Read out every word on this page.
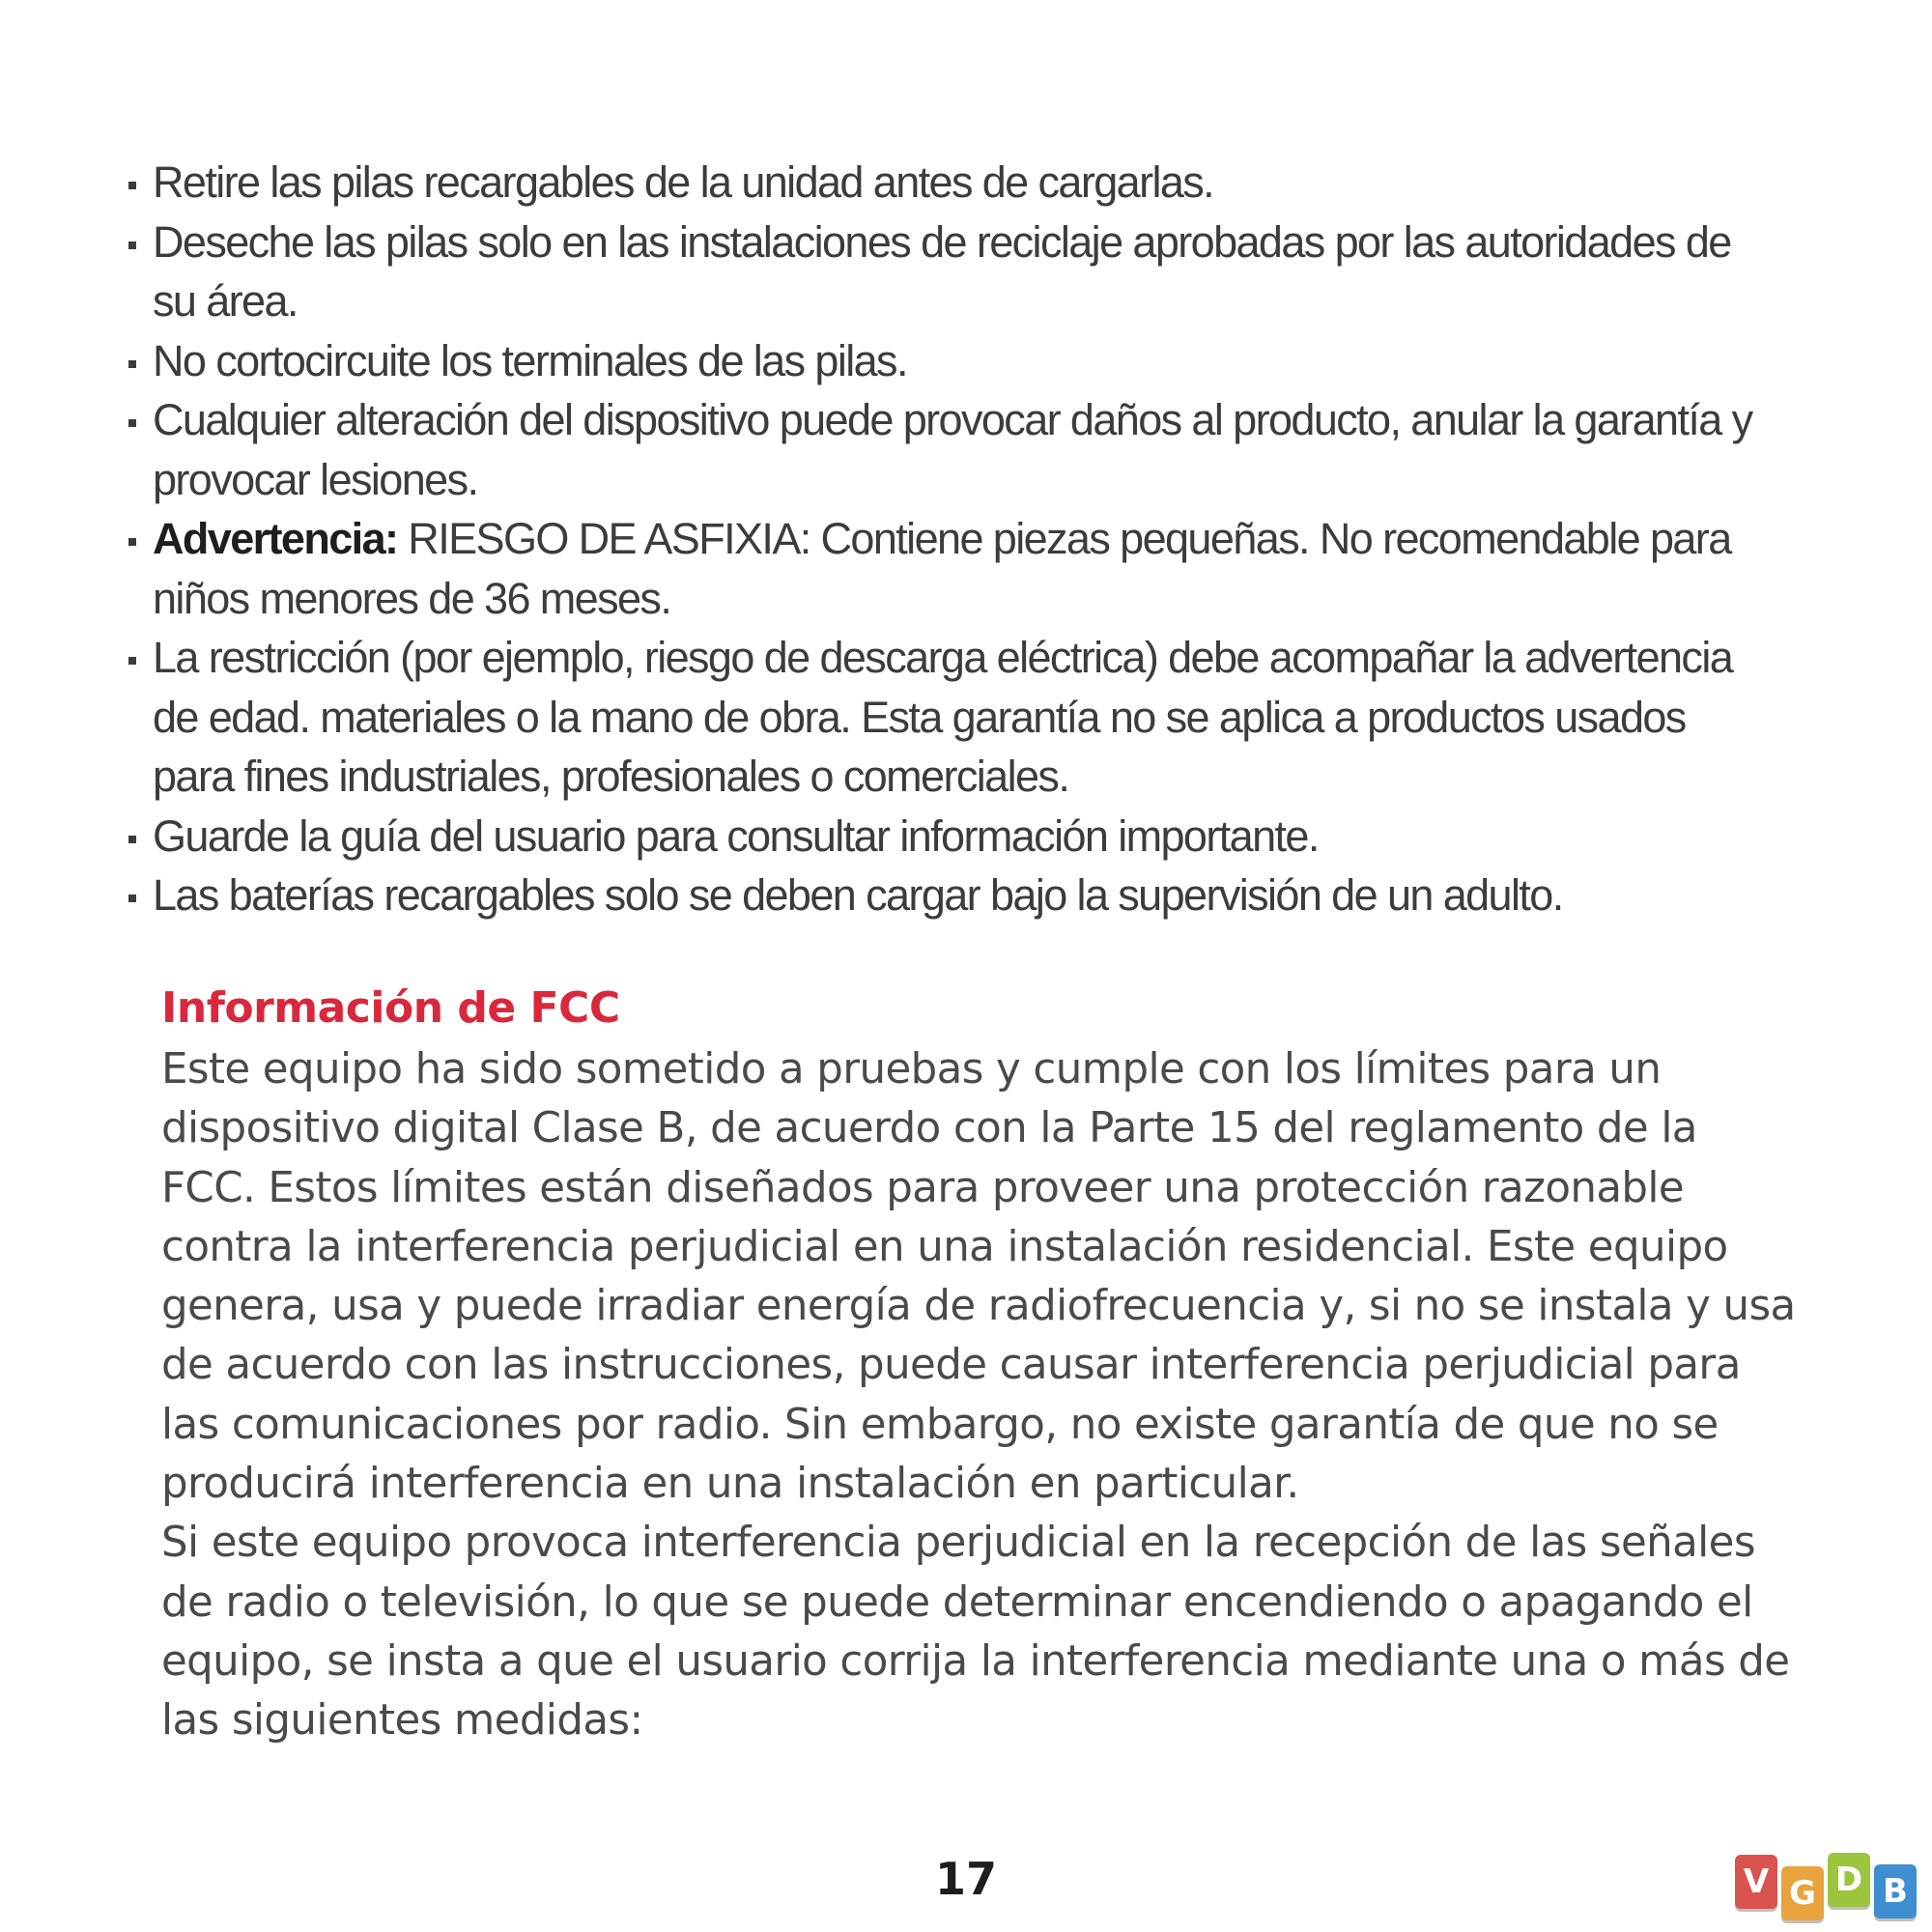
Retire las pilas recargables de la unidad antes de cargarlas.
Deseche las pilas solo en las instalaciones de reciclaje aprobadas por las autoridades de su área.
No cortocircuite los terminales de las pilas.
Cualquier alteración del dispositivo puede provocar daños al producto, anular la garantía y provocar lesiones.
Advertencia: RIESGO DE ASFIXIA: Contiene piezas pequeñas. No recomendable para niños menores de 36 meses.
La restricción (por ejemplo, riesgo de descarga eléctrica) debe acompañar la advertencia de edad. materiales o la mano de obra. Esta garantía no se aplica a productos usados para fines industriales, profesionales o comerciales.
Guarde la guía del usuario para consultar información importante.
Las baterías recargables solo se deben cargar bajo la supervisión de un adulto.
Información de FCC

Este equipo ha sido sometido a pruebas y cumple con los límites para un dispositivo digital Clase B, de acuerdo con la Parte 15 del reglamento de la FCC. Estos límites están diseñados para proveer una protección razonable contra la interferencia perjudicial en una instalación residencial. Este equipo genera, usa y puede irradiar energía de radiofrecuencia y, si no se instala y usa de acuerdo con las instrucciones, puede causar interferencia perjudicial para las comunicaciones por radio. Sin embargo, no existe garantía de que no se producirá interferencia en una instalación en particular.

Si este equipo provoca interferencia perjudicial en la recepción de las señales de radio o televisión, lo que se puede determinar encendiendo o apagando el equipo, se insta a que el usuario corrija la interferencia mediante una o más de las siguientes medidas:

17	V G D B
